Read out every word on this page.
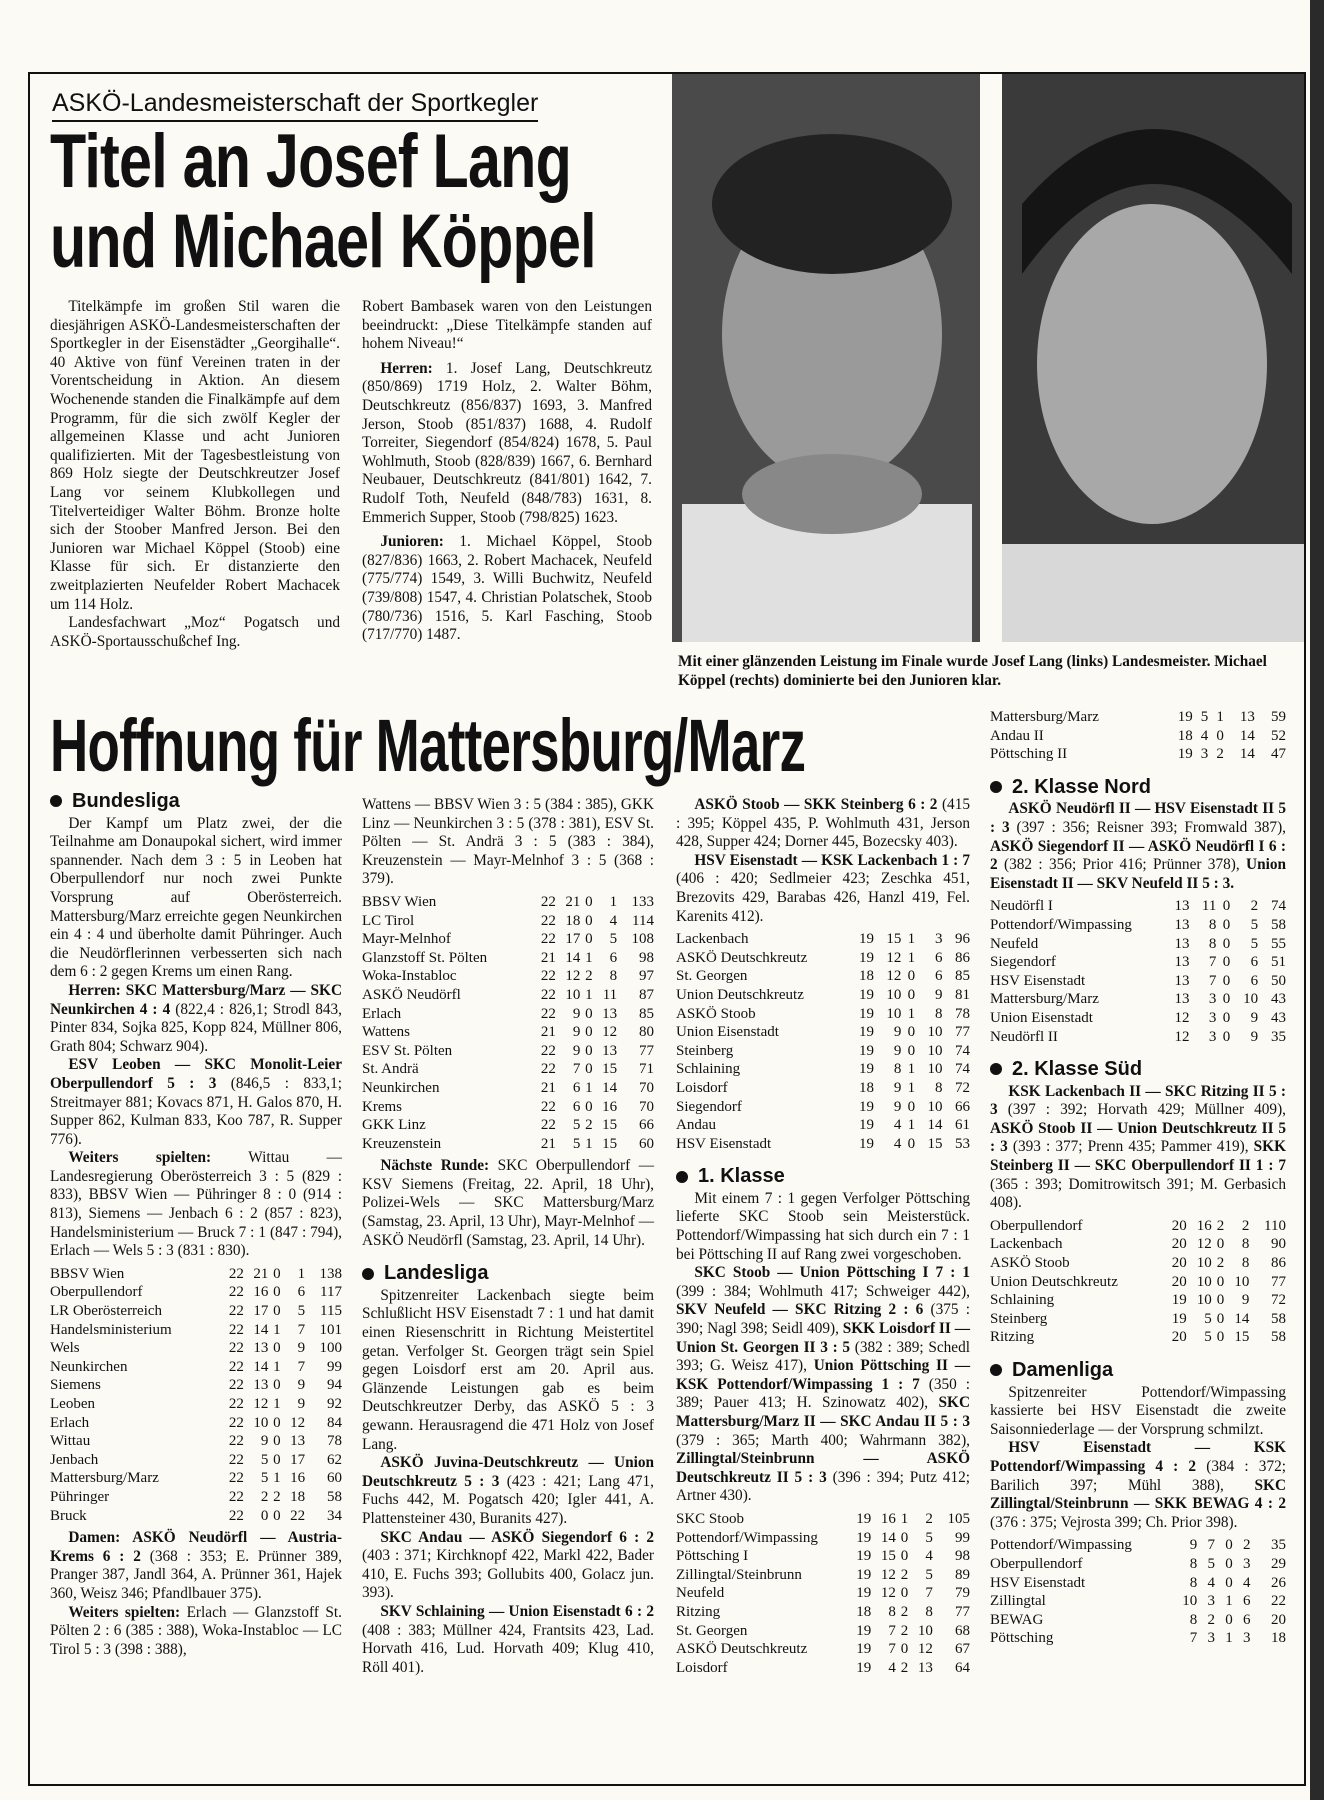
ASKÖ-Landesmeisterschaft der Sportkegler
Titel an Josef Lang
und Michael Köppel

Titelkämpfe im großen Stil waren die diesjährigen ASKÖ-Landesmeisterschaften der Sportkegler in der Eisenstädter „Georgihalle“. 40 Aktive von fünf Vereinen traten in der Vorentscheidung in Aktion. An diesem Wochenende standen die Finalkämpfe auf dem Programm, für die sich zwölf Kegler der allgemeinen Klasse und acht Junioren qualifizierten. Mit der Tagesbestleistung von 869 Holz siegte der Deutschkreutzer Josef Lang vor seinem Klubkollegen und Titelverteidiger Walter Böhm. Bronze holte sich der Stoober Manfred Jerson. Bei den Junioren war Michael Köppel (Stoob) eine Klasse für sich. Er distanzierte den zweitplazierten Neufelder Robert Machacek um 114 Holz.

Landesfachwart „Moz“ Pogatsch und ASKÖ-Sportausschußchef Ing.

Robert Bambasek waren von den Leistungen beeindruckt: „Diese Titelkämpfe standen auf hohem Niveau!“

Herren: 1. Josef Lang, Deutschkreutz (850/869) 1719 Holz, 2. Walter Böhm, Deutschkreutz (856/837) 1693, 3. Manfred Jerson, Stoob (851/837) 1688, 4. Rudolf Torreiter, Siegendorf (854/824) 1678, 5. Paul Wohlmuth, Stoob (828/839) 1667, 6. Bernhard Neubauer, Deutschkreutz (841/801) 1642, 7. Rudolf Toth, Neufeld (848/783) 1631, 8. Emmerich Supper, Stoob (798/825) 1623.

Junioren: 1. Michael Köppel, Stoob (827/836) 1663, 2. Robert Machacek, Neufeld (775/774) 1549, 3. Willi Buchwitz, Neufeld (739/808) 1547, 4. Christian Polatschek, Stoob (780/736) 1516, 5. Karl Fasching, Stoob (717/770) 1487.

Mit einer glänzenden Leistung im Finale wurde Josef Lang (links) Landesmeister. Michael Köppel (rechts) dominierte bei den Junioren klar.
Hoffnung für Mattersburg/Marz
Bundesliga

Der Kampf um Platz zwei, der die Teilnahme am Donaupokal sichert, wird immer spannender. Nach dem 3 : 5 in Leoben hat Oberpullendorf nur noch zwei Punkte Vorsprung auf Oberösterreich. Mattersburg/Marz erreichte gegen Neunkirchen ein 4 : 4 und überholte damit Pühringer. Auch die Neudörflerinnen verbesserten sich nach dem 6 : 2 gegen Krems um einen Rang.

Herren: SKC Mattersburg/Marz — SKC Neunkirchen 4 : 4 (822,4 : 826,1; Strodl 843, Pinter 834, Sojka 825, Kopp 824, Müllner 806, Grath 804; Schwarz 904).

ESV Leoben — SKC Monolit-Leier Oberpullendorf 5 : 3 (846,5 : 833,1; Streitmayer 881; Kovacs 871, H. Galos 870, H. Supper 862, Kulman 833, Koo 787, R. Supper 776).

Weiters spielten: Wittau — Landesregierung Oberösterreich 3 : 5 (829 : 833), BBSV Wien — Pühringer 8 : 0 (914 : 813), Siemens — Jenbach 6 : 2 (857 : 823), Handelsministerium — Bruck 7 : 1 (847 : 794), Erlach — Wels 5 : 3 (831 : 830).

BBSV Wien	22	21	0	1	138
Oberpullendorf	22	16	0	6	117
LR Oberösterreich	22	17	0	5	115
Handelsministerium	22	14	1	7	101
Wels	22	13	0	9	100
Neunkirchen	22	14	1	7	99
Siemens	22	13	0	9	94
Leoben	22	12	1	9	92
Erlach	22	10	0	12	84
Wittau	22	9	0	13	78
Jenbach	22	5	0	17	62
Mattersburg/Marz	22	5	1	16	60
Pühringer	22	2	2	18	58
Bruck	22	0	0	22	34

Damen: ASKÖ Neudörfl — Austria-Krems 6 : 2 (368 : 353; E. Prünner 389, Pranger 387, Jandl 364, A. Prünner 361, Hajek 360, Weisz 346; Pfandlbauer 375).

Weiters spielten: Erlach — Glanzstoff St. Pölten 2 : 6 (385 : 388), Woka-Instabloc — LC Tirol 5 : 3 (398 : 388),

Wattens — BBSV Wien 3 : 5 (384 : 385), GKK Linz — Neunkirchen 3 : 5 (378 : 381), ESV St. Pölten — St. Andrä 3 : 5 (383 : 384), Kreuzenstein — Mayr-Melnhof 3 : 5 (368 : 379).

BBSV Wien	22	21	0	1	133
LC Tirol	22	18	0	4	114
Mayr-Melnhof	22	17	0	5	108
Glanzstoff St. Pölten	21	14	1	6	98
Woka-Instabloc	22	12	2	8	97
ASKÖ Neudörfl	22	10	1	11	87
Erlach	22	9	0	13	85
Wattens	21	9	0	12	80
ESV St. Pölten	22	9	0	13	77
St. Andrä	22	7	0	15	71
Neunkirchen	21	6	1	14	70
Krems	22	6	0	16	70
GKK Linz	22	5	2	15	66
Kreuzenstein	21	5	1	15	60

Nächste Runde: SKC Oberpullendorf — KSV Siemens (Freitag, 22. April, 18 Uhr), Polizei-Wels — SKC Mattersburg/Marz (Samstag, 23. April, 13 Uhr), Mayr-Melnhof — ASKÖ Neudörfl (Samstag, 23. April, 14 Uhr).

Landesliga

Spitzenreiter Lackenbach siegte beim Schlußlicht HSV Eisenstadt 7 : 1 und hat damit einen Riesenschritt in Richtung Meistertitel getan. Verfolger St. Georgen trägt sein Spiel gegen Loisdorf erst am 20. April aus. Glänzende Leistungen gab es beim Deutschkreutzer Derby, das ASKÖ 5 : 3 gewann. Herausragend die 471 Holz von Josef Lang.

ASKÖ Juvina-Deutschkreutz — Union Deutschkreutz 5 : 3 (423 : 421; Lang 471, Fuchs 442, M. Pogatsch 420; Igler 441, A. Plattensteiner 430, Buranits 427).

SKC Andau — ASKÖ Siegendorf 6 : 2 (403 : 371; Kirchknopf 422, Markl 422, Bader 410, E. Fuchs 393; Gollubits 400, Golacz jun. 393).

SKV Schlaining — Union Eisenstadt 6 : 2 (408 : 383; Müllner 424, Frantsits 423, Lad. Horvath 416, Lud. Horvath 409; Klug 410, Röll 401).

ASKÖ Stoob — SKK Steinberg 6 : 2 (415 : 395; Köppel 435, P. Wohlmuth 431, Jerson 428, Supper 424; Dorner 445, Bozecsky 403).

HSV Eisenstadt — KSK Lackenbach 1 : 7 (406 : 420; Sedlmeier 423; Zeschka 451, Brezovits 429, Barabas 426, Hanzl 419, Fel. Karenits 412).

Lackenbach	19	15	1	3	96
ASKÖ Deutschkreutz	19	12	1	6	86
St. Georgen	18	12	0	6	85
Union Deutschkreutz	19	10	0	9	81
ASKÖ Stoob	19	10	1	8	78
Union Eisenstadt	19	9	0	10	77
Steinberg	19	9	0	10	74
Schlaining	19	8	1	10	74
Loisdorf	18	9	1	8	72
Siegendorf	19	9	0	10	66
Andau	19	4	1	14	61
HSV Eisenstadt	19	4	0	15	53
1. Klasse

Mit einem 7 : 1 gegen Verfolger Pöttsching lieferte SKC Stoob sein Meisterstück. Pottendorf/Wimpassing hat sich durch ein 7 : 1 bei Pöttsching II auf Rang zwei vorgeschoben.

SKC Stoob — Union Pöttsching I 7 : 1 (399 : 384; Wohlmuth 417; Schweiger 442), SKV Neufeld — SKC Ritzing 2 : 6 (375 : 390; Nagl 398; Seidl 409), SKK Loisdorf II — Union St. Georgen II 3 : 5 (382 : 389; Schedl 393; G. Weisz 417), Union Pöttsching II — KSK Pottendorf/Wimpassing 1 : 7 (350 : 389; Pauer 413; H. Szinowatz 402), SKC Mattersburg/Marz II — SKC Andau II 5 : 3 (379 : 365; Marth 400; Wahrmann 382), Zillingtal/Steinbrunn — ASKÖ Deutschkreutz II 5 : 3 (396 : 394; Putz 412; Artner 430).

SKC Stoob	19	16	1	2	105
Pottendorf/Wimpassing	19	14	0	5	99
Pöttsching I	19	15	0	4	98
Zillingtal/Steinbrunn	19	12	2	5	89
Neufeld	19	12	0	7	79
Ritzing	18	8	2	8	77
St. Georgen	19	7	2	10	68
ASKÖ Deutschkreutz	19	7	0	12	67
Loisdorf	19	4	2	13	64
Mattersburg/Marz	19	5	1	13	59
Andau II	18	4	0	14	52
Pöttsching II	19	3	2	14	47
2. Klasse Nord

ASKÖ Neudörfl II — HSV Eisenstadt II 5 : 3 (397 : 356; Reisner 393; Fromwald 387), ASKÖ Siegendorf II — ASKÖ Neudörfl I 6 : 2 (382 : 356; Prior 416; Prünner 378), Union Eisenstadt II — SKV Neufeld II 5 : 3.

Neudörfl I	13	11	0	2	74
Pottendorf/Wimpassing	13	8	0	5	58
Neufeld	13	8	0	5	55
Siegendorf	13	7	0	6	51
HSV Eisenstadt	13	7	0	6	50
Mattersburg/Marz	13	3	0	10	43
Union Eisenstadt	12	3	0	9	43
Neudörfl II	12	3	0	9	35
2. Klasse Süd

KSK Lackenbach II — SKC Ritzing II 5 : 3 (397 : 392; Horvath 429; Müllner 409), ASKÖ Stoob II — Union Deutschkreutz II 5 : 3 (393 : 377; Prenn 435; Pammer 419), SKK Steinberg II — SKC Oberpullendorf II 1 : 7 (365 : 393; Domitrowitsch 391; M. Gerbasich 408).

Oberpullendorf	20	16	2	2	110
Lackenbach	20	12	0	8	90
ASKÖ Stoob	20	10	2	8	86
Union Deutschkreutz	20	10	0	10	77
Schlaining	19	10	0	9	72
Steinberg	19	5	0	14	58
Ritzing	20	5	0	15	58
Damenliga

Spitzenreiter Pottendorf/Wimpassing kassierte bei HSV Eisenstadt die zweite Saisonniederlage — der Vorsprung schmilzt.

HSV Eisenstadt — KSK Pottendorf/Wimpassing 4 : 2 (384 : 372; Barilich 397; Mühl 388), SKC Zillingtal/Steinbrunn — SKK BEWAG 4 : 2 (376 : 375; Vejrosta 399; Ch. Prior 398).

Pottendorf/Wimpassing	9	7	0	2	35
Oberpullendorf	8	5	0	3	29
HSV Eisenstadt	8	4	0	4	26
Zillingtal	10	3	1	6	22
BEWAG	8	2	0	6	20
Pöttsching	7	3	1	3	18
